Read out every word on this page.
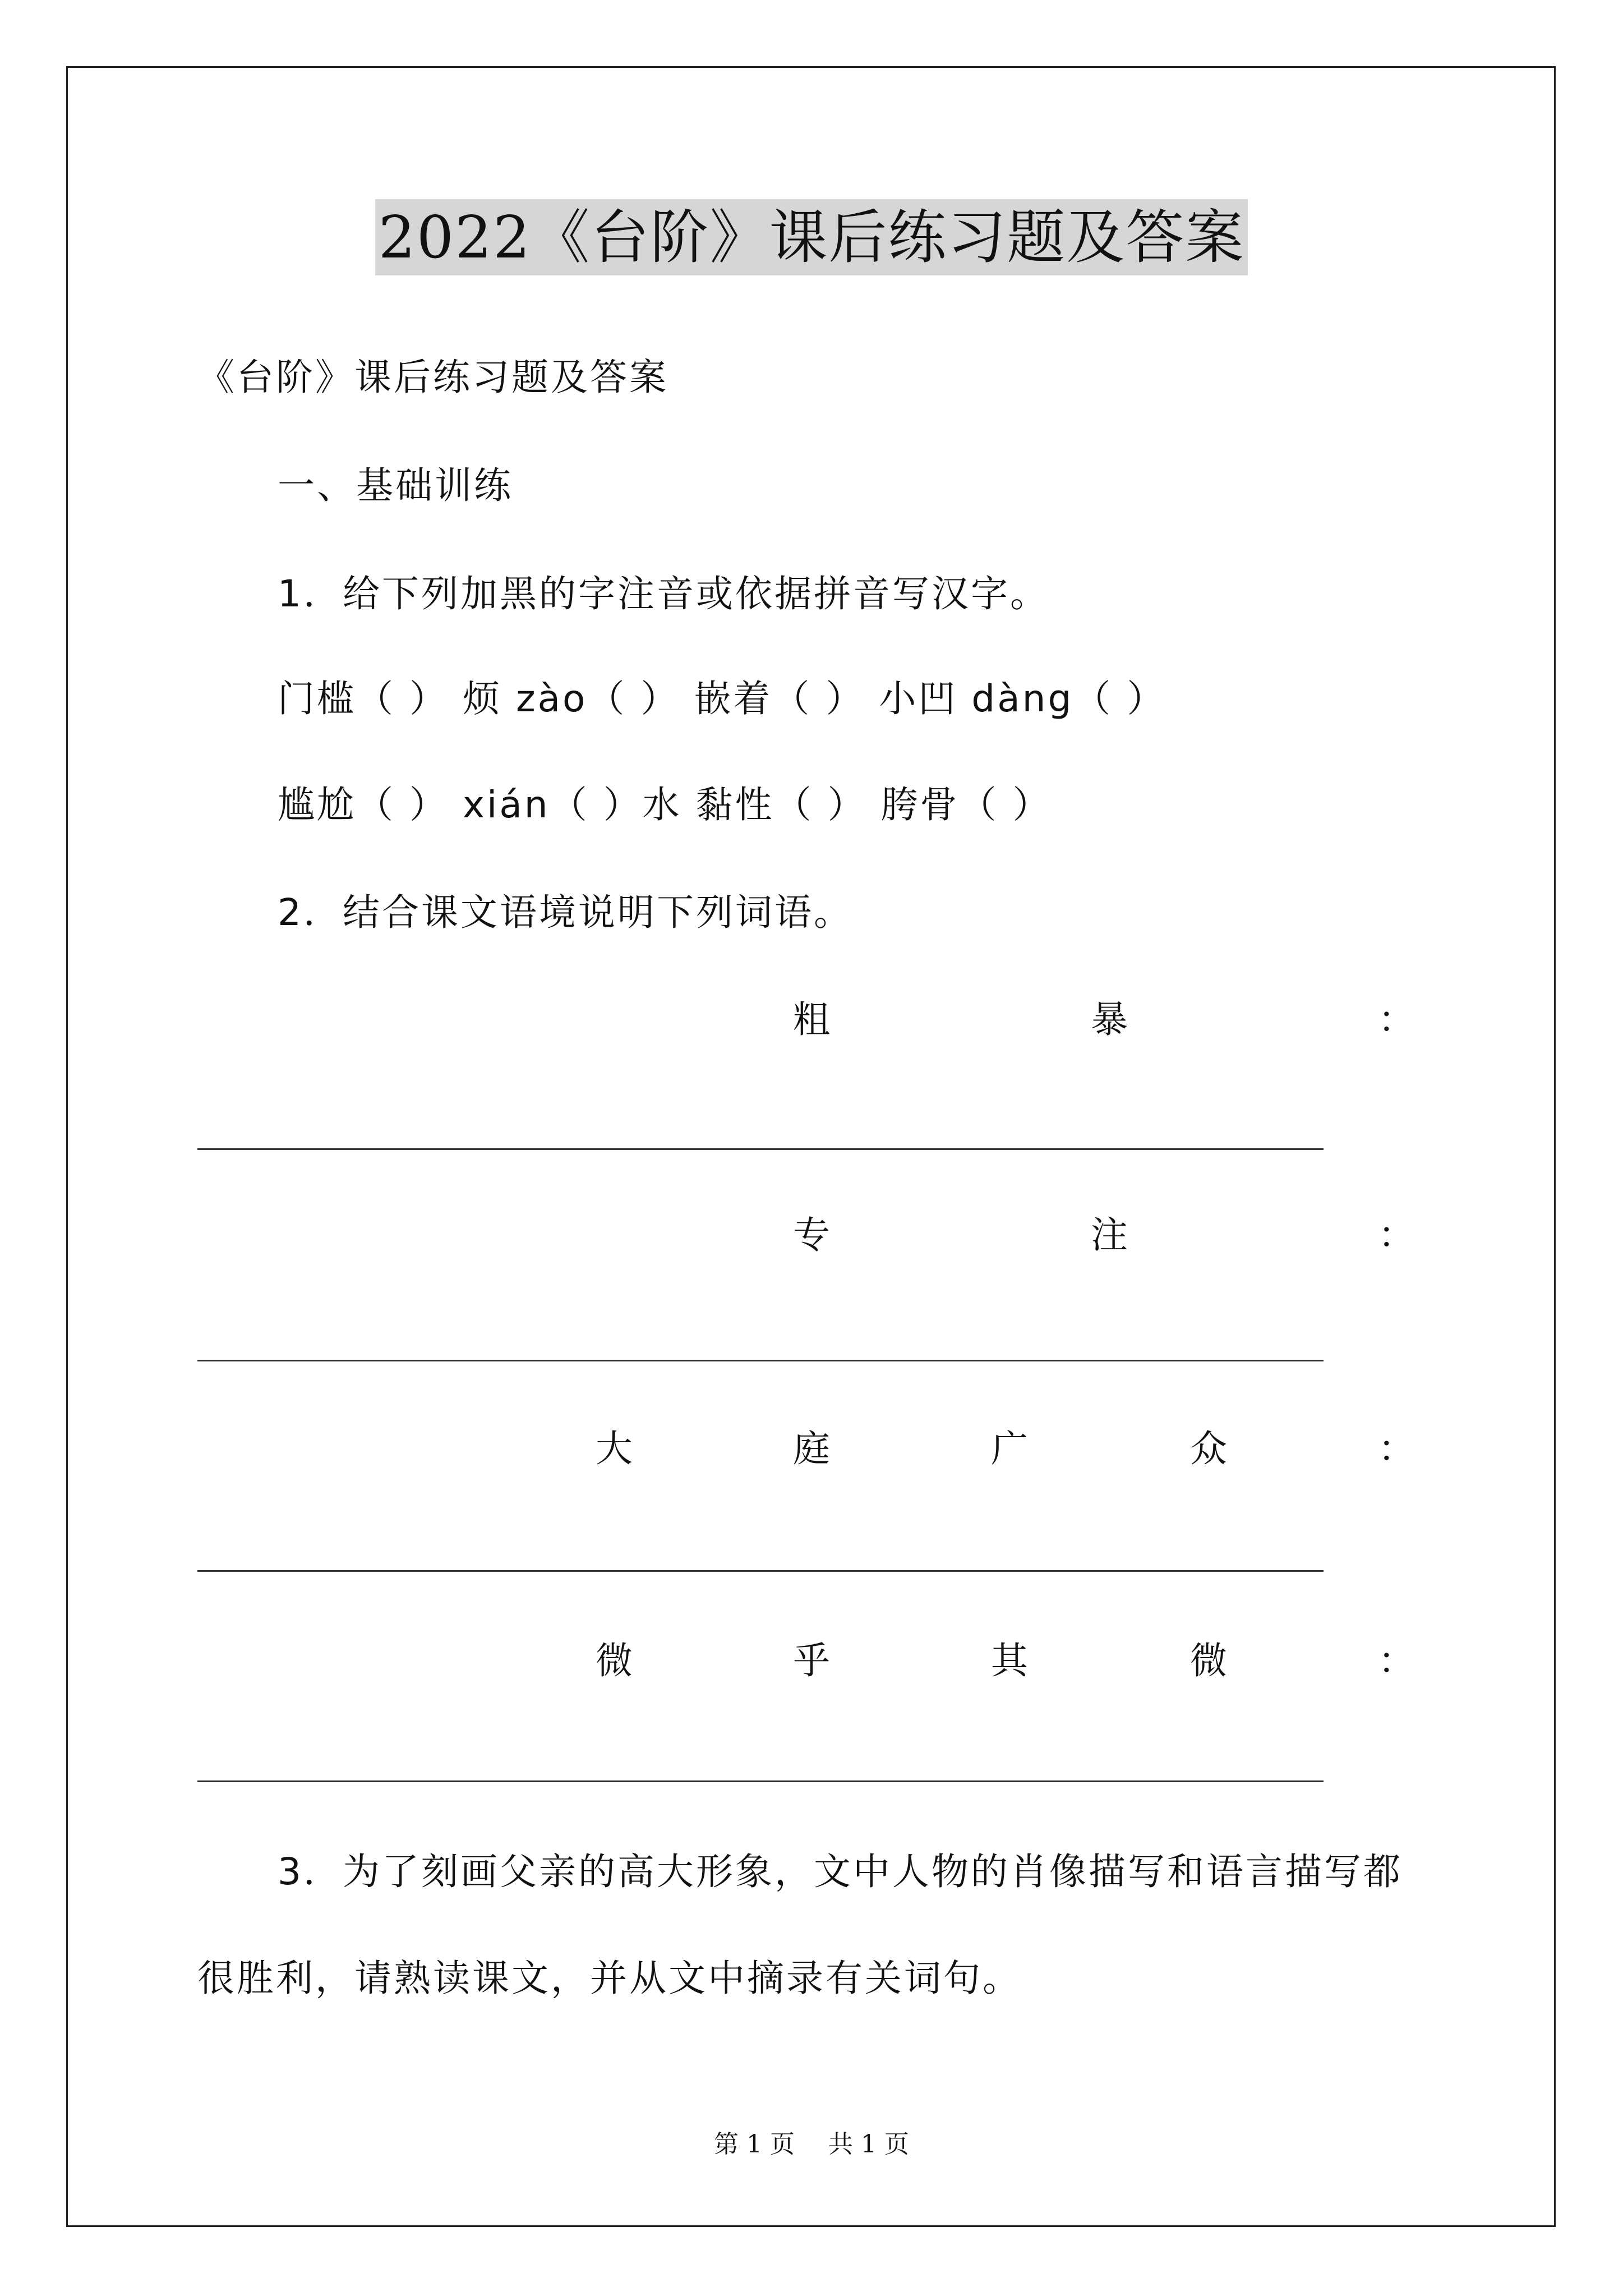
2022《台阶》课后练习题及答案
《台阶》课后练习题及答案
一、基础训练
1．给下列加黑的字注音或依据拼音写汉字。
门槛（ ） 烦 zào（ ） 嵌着（ ） 小凹 dàng（ ）
尴尬（ ） xián（ ）水 黏性（ ） 胯骨（ ）
2．结合课文语境说明下列词语。
粗	暴	：
专	注	：
大	庭	广	众	：
微	乎	其	微	：
3．为了刻画父亲的高大形象，文中人物的肖像描写和语言描写都
很胜利，请熟读课文，并从文中摘录有关词句。
第 1 页 共 1 页
